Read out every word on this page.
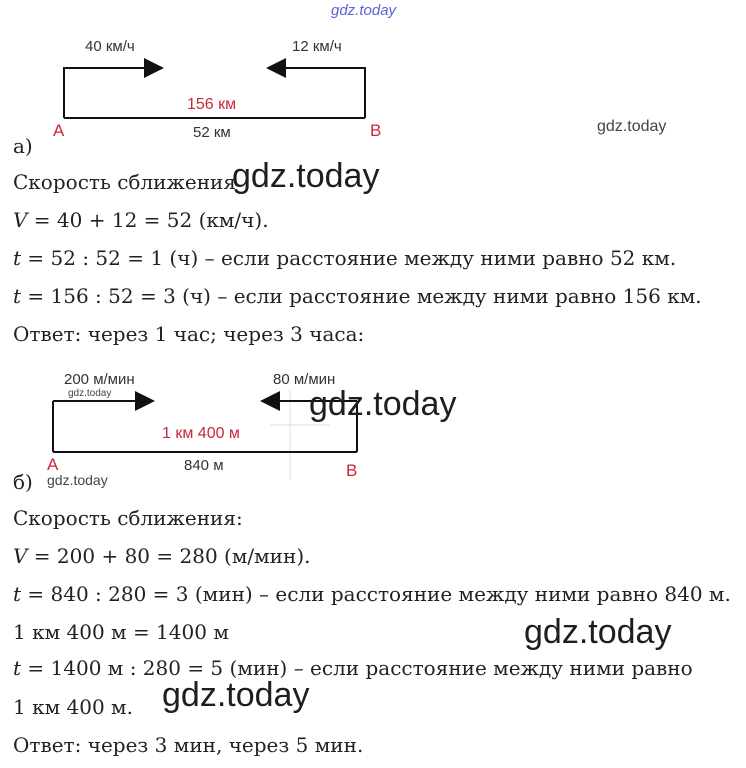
gdz.today
40 км/ч	12 км/ч
156 км
52 км
A	B	gdz.today
а)
Скорость сближения
gdz.today
V = 40 + 12 = 52 (км/ч).
t = 52 : 52 = 1 (ч) – если расстояние между ними равно 52 км.
t = 156 : 52 = 3 (ч) – если расстояние между ними равно 156 км.
Ответ: через 1 час; через 3 часа:
200 м/мин
gdz.today
80 м/мин
gdz.today
1 км 400 м
840 м
A	B
б) gdz.today
Скорость сближения:
V = 200 + 80 = 280 (м/мин).
t = 840 : 280 = 3 (мин) – если расстояние между ними равно 840 м.
1 км 400 м = 1400 м	gdz.today
t = 1400 м : 280 = 5 (мин) – если расстояние между ними равно
1 км 400 м. gdz.today
Ответ: через 3 мин, через 5 мин.
